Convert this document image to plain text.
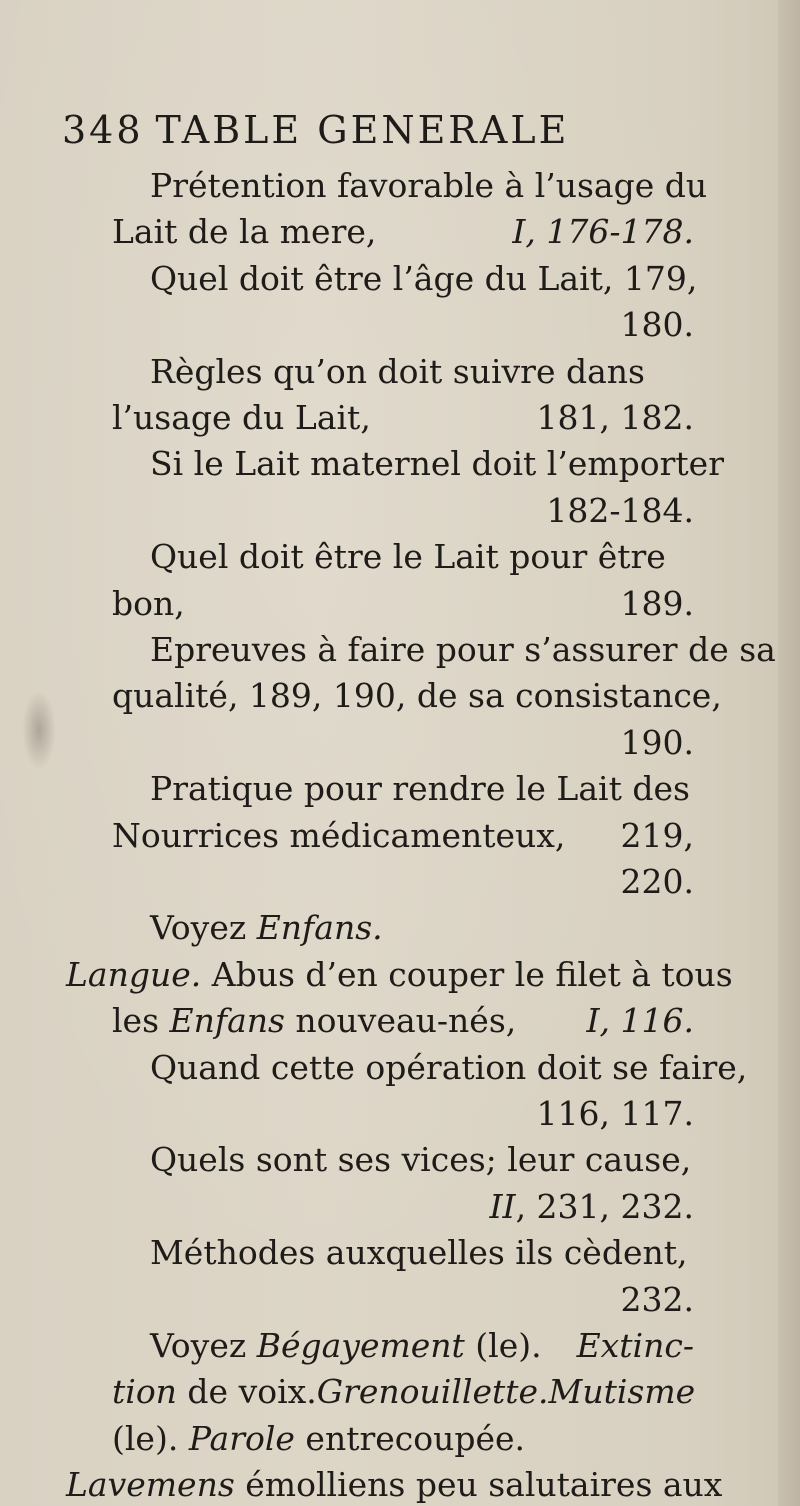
348 TABLE GENERALE
Prétention favorable à l’usage du
Lait de la mere,	I, 176-178.
Quel doit être l’âge du Lait, 179,
180.
Règles qu’on doit suivre dans
l’usage du Lait,	181, 182.
Si le Lait maternel doit l’emporter
182-184.
Quel doit être le Lait pour être
bon,	189.
Epreuves à faire pour s’assurer de sa
qualité, 189, 190, de sa consistance,
190.
Pratique pour rendre le Lait des
Nourrices médicamenteux, 219,
220.
Voyez Enfans.
Langue. Abus d’en couper le filet à tous
les Enfans nouveau-nés, I, 116.
Quand cette opération doit se faire,
116, 117.
Quels sont ses vices; leur cause,
II, 231, 232.
Méthodes auxquelles ils cèdent,
232.
Voyez Bégayement (le). Extinc-
tion de voix. Grenouillette. Mutisme
(le). Parole entrecoupée.
Lavemens émolliens peu salutaires aux
